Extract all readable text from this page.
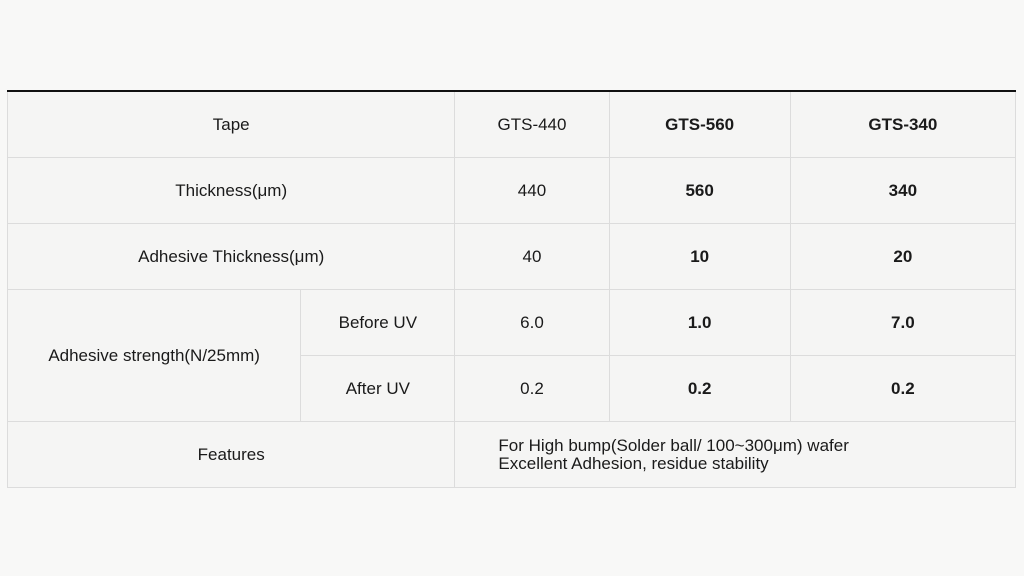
Tape		GTS-440	GTS-560	GTS-340
Thickness(μm)		440	560	340
Adhesive Thickness(μm)		40	10	20
Adhesive strength(N/25mm)	Before UV	6.0	1.0	7.0
	After UV	0.2	0.2	0.2
Features		For High bump(Solder ball/ 100~300μm) wafer
Excellent Adhesion, residue stability		
